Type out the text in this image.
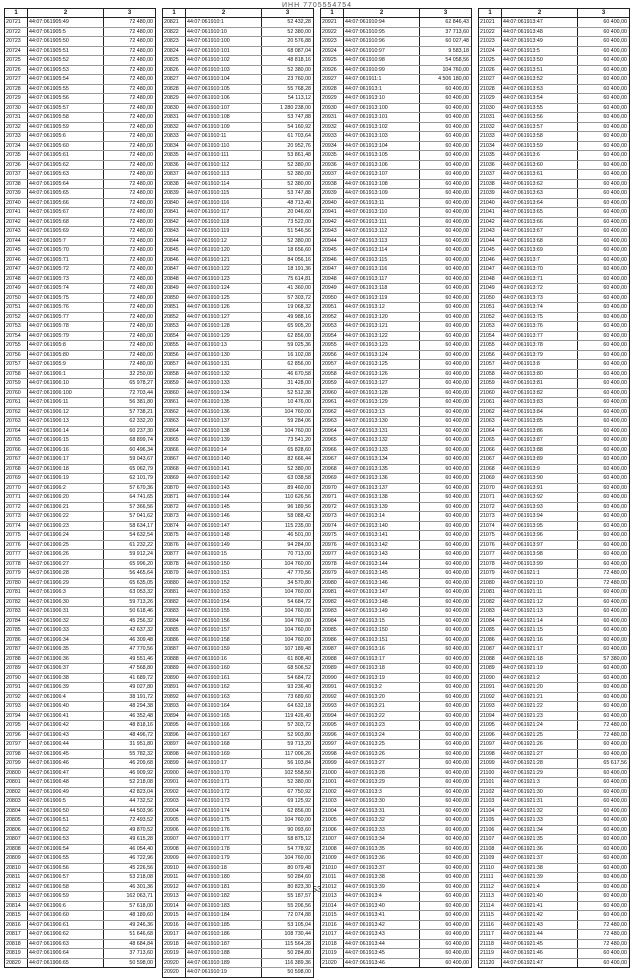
ИНН 7705554754
1	2	3
20721	44:07:061905:49	72 480,00
20722	44:07:061905:5	72 480,00
20723	44:07:061905:50	72 480,00
20724	44:07:061905:51	72 480,00
20725	44:07:061905:52	72 480,00
20726	44:07:061905:53	72 480,00
20727	44:07:061905:54	72 480,00
20728	44:07:061905:55	72 480,00
20729	44:07:061905:56	72 480,00
20730	44:07:061905:57	72 480,00
20731	44:07:061905:58	72 480,00
20732	44:07:061905:59	72 480,00
20733	44:07:061905:6	72 480,00
20734	44:07:061905:60	72 480,00
20735	44:07:061905:61	72 480,00
20736	44:07:061905:62	72 480,00
20737	44:07:061905:63	72 480,00
20738	44:07:061905:64	72 480,00
20739	44:07:061905:65	72 480,00
20740	44:07:061905:66	72 480,00
20741	44:07:061905:67	72 480,00
20742	44:07:061905:68	72 480,00
20743	44:07:061905:69	72 480,00
20744	44:07:061905:7	72 480,00
20745	44:07:061905:70	72 480,00
20746	44:07:061905:71	72 480,00
20747	44:07:061905:72	72 480,00
20748	44:07:061905:73	72 480,00
20749	44:07:061905:74	72 480,00
20750	44:07:061905:75	72 480,00
20751	44:07:061905:76	72 480,00
20752	44:07:061905:77	72 480,00
20753	44:07:061905:78	72 480,00
20754	44:07:061905:79	72 480,00
20755	44:07:061905:8	72 480,00
20756	44:07:061905:80	72 480,00
20757	44:07:061905:9	72 480,00
20758	44:07:061906:1	32 250,00
20759	44:07:061906:10	65 978,27
20760	44:07:061906:100	72 703,44
20761	44:07:061906:11	56 381,80
20762	44:07:061906:12	57 738,21
20763	44:07:061906:13	62 332,20
20764	44:07:061906:14	60 237,30
20765	44:07:061906:15	68 899,74
20766	44:07:061906:16	60 496,34
20767	44:07:061906:17	59 043,67
20768	44:07:061906:18	65 062,79
20769	44:07:061906:19	62 101,79
20770	44:07:061906:2	57 670,36
20771	44:07:061906:20	64 741,65
20772	44:07:061906:21	57 366,56
20773	44:07:061906:22	57 041,62
20774	44:07:061906:23	58 634,17
20775	44:07:061906:24	54 632,54
20776	44:07:061906:25	61 232,22
20777	44:07:061906:26	59 912,24
20778	44:07:061906:27	65 996,20
20779	44:07:061906:28	56 465,64
20780	44:07:061906:29	65 635,05
20781	44:07:061906:3	63 053,32
20782	44:07:061906:30	59 713,26
20783	44:07:061906:31	50 618,46
20784	44:07:061906:32	45 256,32
20785	44:07:061906:33	42 637,32
20786	44:07:061906:34	46 309,48
20787	44:07:061906:35	47 770,56
20788	44:07:061906:36	49 551,46
20789	44:07:061906:37	47 568,80
20790	44:07:061906:38	41 689,72
20791	44:07:061906:39	49 027,80
20792	44:07:061906:4	38 191,72
20793	44:07:061906:40	48 294,38
20794	44:07:061906:41	46 352,48
20795	44:07:061906:42	48 818,16
20796	44:07:061906:43	48 496,72
20797	44:07:061906:44	31 951,80
20798	44:07:061906:45	55 782,32
20799	44:07:061906:46	46 209,68
20800	44:07:061906:47	46 909,92
20801	44:07:061906:48	52 218,08
20802	44:07:061906:49	42 823,04
20803	44:07:061906:5	44 732,52
20804	44:07:061906:50	44 503,96
20805	44:07:061906:51	72 493,52
20806	44:07:061906:52	49 870,52
20807	44:07:061906:53	49 615,28
20808	44:07:061906:54	46 054,40
20809	44:07:061906:55	46 722,96
20810	44:07:061906:56	45 226,56
20811	44:07:061906:57	53 218,08
20812	44:07:061906:58	46 301,36
20813	44:07:061906:59	162 063,71
20814	44:07:061906:6	57 618,00
20815	44:07:061906:60	48 189,60
20816	44:07:061906:61	49 246,36
20817	44:07:061906:62	51 646,68
20818	44:07:061906:63	48 684,84
20819	44:07:061906:64	37 713,60
20820	44:07:061906:65	50 598,00
1	2	3
20821	44:07:061910:1	52 432,28
20822	44:07:061910:10	52 380,00
20823	44:07:061910:100	20 576,88
20824	44:07:061910:101	68 087,04
20825	44:07:061910:102	48 818,16
20826	44:07:061910:103	52 380,00
20827	44:07:061910:104	23 760,00
20828	44:07:061910:105	55 768,28
20829	44:07:061910:106	54 113,12
20830	44:07:061910:107	1 280 238,00
20831	44:07:061910:108	53 747,88
20832	44:07:061910:109	54 160,92
20833	44:07:061910:11	61 703,64
20834	44:07:061910:110	20 952,76
20835	44:07:061910:111	53 861,48
20836	44:07:061910:112	52 380,00
20837	44:07:061910:113	52 380,00
20838	44:07:061910:114	52 380,00
20839	44:07:061910:115	53 747,88
20840	44:07:061910:116	48 713,40
20841	44:07:061910:117	20 046,60
20842	44:07:061910:118	73 522,00
20843	44:07:061910:119	51 546,56
20844	44:07:061910:12	52 380,00
20845	44:07:061910:120	18 656,60
20846	44:07:061910:121	84 056,16
20847	44:07:061910:122	18 191,36
20848	44:07:061910:123	75 614,81
20849	44:07:061910:124	41 360,00
20850	44:07:061910:125	57 303,72
20851	44:07:061910:126	19 068,32
20852	44:07:061910:127	49 988,16
20853	44:07:061910:128	65 905,20
20854	44:07:061910:129	62 856,00
20855	44:07:061910:13	59 025,36
20856	44:07:061910:130	16 102,08
20857	44:07:061910:131	62 856,00
20858	44:07:061910:132	46 670,58
20859	44:07:061910:133	31 428,00
20860	44:07:061910:134	52 512,38
20861	44:07:061910:135	10 476,00
20862	44:07:061910:136	104 760,00
20863	44:07:061910:137	59 284,06
20864	44:07:061910:138	104 760,00
20865	44:07:061910:139	73 541,20
20866	44:07:061910:14	65 828,60
20867	44:07:061910:140	82 666,44
20868	44:07:061910:141	52 380,00
20869	44:07:061910:142	63 038,58
20870	44:07:061910:143	89 460,00
20871	44:07:061910:144	110 626,56
20872	44:07:061910:145	96 189,56
20873	44:07:061910:146	58 088,42
20874	44:07:061910:147	115 235,00
20875	44:07:061910:148	46 501,00
20876	44:07:061910:149	94 284,00
20877	44:07:061910:15	70 713,00
20878	44:07:061910:150	104 760,00
20879	44:07:061910:151	47 770,56
20880	44:07:061910:152	34 570,80
20881	44:07:061910:153	104 760,00
20882	44:07:061910:154	54 684,72
20883	44:07:061910:155	104 760,00
20884	44:07:061910:156	104 760,00
20885	44:07:061910:157	104 760,00
20886	44:07:061910:158	104 760,00
20887	44:07:061910:159	107 189,48
20888	44:07:061910:16	61 808,40
20889	44:07:061910:160	68 506,52
20890	44:07:061910:161	54 684,72
20891	44:07:061910:162	93 236,40
20892	44:07:061910:163	73 689,60
20893	44:07:061910:164	64 632,18
20894	44:07:061910:165	119 426,40
20895	44:07:061910:166	57 303,72
20896	44:07:061910:167	52 903,80
20897	44:07:061910:168	59 713,20
20898	44:07:061910:169	117 006,26
20899	44:07:061910:17	56 103,84
20900	44:07:061910:170	102 558,50
20901	44:07:061910:171	52 380,00
20902	44:07:061910:172	67 750,92
20903	44:07:061910:173	69 125,92
20904	44:07:061910:174	62 856,00
20905	44:07:061910:175	104 760,00
20906	44:07:061910:176	90 093,60
20907	44:07:061910:177	58 875,12
20908	44:07:061910:178	54 778,92
20909	44:07:061910:179	104 760,00
20910	44:07:061910:18	80 079,48
20911	44:07:061910:180	50 284,60
20912	44:07:061910:181	80 823,30
20913	44:07:061910:182	55 187,57
20914	44:07:061910:183	55 206,56
20915	44:07:061910:184	72 074,88
20916	44:07:061910:185	53 105,04
20917	44:07:061910:186	108 730,44
20918	44:07:061910:187	115 564,28
20919	44:07:061910:188	50 284,80
20920	44:07:061910:189	116 389,36
20920	44:07:061910:19	50 598,00
1	2	3
20921	44:07:061910:94	62 846,43
20922	44:07:061910:95	37 713,60
20923	44:07:061910:96	60 027,48
20924	44:07:061910:97	9 583,18
20925	44:07:061910:98	54 058,56
20926	44:07:061910:99	104 760,00
20927	44:07:061911:1	4 506 180,00
20928	44:07:061913:1	60 400,00
20929	44:07:061913:10	60 400,00
20930	44:07:061913:100	60 400,00
20931	44:07:061913:101	60 400,00
20932	44:07:061913:102	60 400,00
20933	44:07:061913:103	60 400,00
20934	44:07:061913:104	60 400,00
20935	44:07:061913:105	60 400,00
20936	44:07:061913:106	60 400,00
20937	44:07:061913:107	60 400,00
20938	44:07:061913:108	60 400,00
20939	44:07:061913:109	60 400,00
20940	44:07:061913:11	60 400,00
20941	44:07:061913:110	60 400,00
20942	44:07:061913:111	60 400,00
20943	44:07:061913:112	60 400,00
20944	44:07:061913:113	60 400,00
20945	44:07:061913:114	60 400,00
20946	44:07:061913:115	60 400,00
20947	44:07:061913:116	60 400,00
20948	44:07:061913:117	60 400,00
20949	44:07:061913:118	60 400,00
20950	44:07:061913:119	60 400,00
20951	44:07:061913:12	60 400,00
20952	44:07:061913:120	60 400,00
20953	44:07:061913:121	60 400,00
20954	44:07:061913:122	60 400,00
20955	44:07:061913:123	60 400,00
20956	44:07:061913:124	60 400,00
20957	44:07:061913:125	60 400,00
20958	44:07:061913:126	60 400,00
20959	44:07:061913:127	60 400,00
20960	44:07:061913:128	60 400,00
20961	44:07:061913:129	60 400,00
20962	44:07:061913:13	60 400,00
20963	44:07:061913:130	60 400,00
20964	44:07:061913:131	60 400,00
20965	44:07:061913:132	60 400,00
20966	44:07:061913:133	60 400,00
20967	44:07:061913:134	60 400,00
20968	44:07:061913:135	60 400,00
20969	44:07:061913:136	60 400,00
20970	44:07:061913:137	60 400,00
20971	44:07:061913:138	60 400,00
20972	44:07:061913:139	60 400,00
20973	44:07:061913:14	60 400,00
20974	44:07:061913:140	60 400,00
20975	44:07:061913:141	60 400,00
20976	44:07:061913:142	60 400,00
20977	44:07:061913:143	60 400,00
20978	44:07:061913:144	60 400,00
20979	44:07:061913:145	60 400,00
20980	44:07:061913:146	60 400,00
20981	44:07:061913:147	60 400,00
20982	44:07:061913:148	60 400,00
20983	44:07:061913:149	60 400,00
20984	44:07:061913:15	60 400,00
20985	44:07:061913:150	60 400,00
20986	44:07:061913:151	60 400,00
20987	44:07:061913:16	60 400,00
20988	44:07:061913:17	60 400,00
20989	44:07:061913:18	60 400,00
20990	44:07:061913:19	60 400,00
20991	44:07:061913:2	60 400,00
20992	44:07:061913:20	60 400,00
20993	44:07:061913:21	60 400,00
20994	44:07:061913:22	60 400,00
20995	44:07:061913:23	60 400,00
20996	44:07:061913:24	60 400,00
20997	44:07:061913:25	60 400,00
20998	44:07:061913:26	60 400,00
20999	44:07:061913:27	60 400,00
21000	44:07:061913:28	60 400,00
21001	44:07:061913:29	60 400,00
21002	44:07:061913:3	60 400,00
21003	44:07:061913:30	60 400,00
21004	44:07:061913:31	60 400,00
21005	44:07:061913:32	60 400,00
21006	44:07:061913:33	60 400,00
21007	44:07:061913:34	60 400,00
21008	44:07:061913:35	60 400,00
21009	44:07:061913:36	60 400,00
21010	44:07:061913:37	60 400,00
21011	44:07:061913:38	60 400,00
21012	44:07:061913:39	60 400,00
21013	44:07:061913:4	60 400,00
21014	44:07:061913:40	60 400,00
21015	44:07:061913:41	60 400,00
21016	44:07:061913:42	60 400,00
21017	44:07:061913:43	60 400,00
21018	44:07:061913:44	60 400,00
21019	44:07:061913:45	60 400,00
21020	44:07:061913:46	60 400,00
1	2	3
21021	44:07:061913:47	60 400,00
21022	44:07:061913:48	60 400,00
21023	44:07:061913:49	60 400,00
21024	44:07:061913:5	60 400,00
21025	44:07:061913:50	60 400,00
21026	44:07:061913:51	60 400,00
21027	44:07:061913:52	60 400,00
21028	44:07:061913:53	60 400,00
21029	44:07:061913:54	60 400,00
21030	44:07:061913:55	60 400,00
21031	44:07:061913:56	60 400,00
21032	44:07:061913:57	60 400,00
21033	44:07:061913:58	60 400,00
21034	44:07:061913:59	60 400,00
21035	44:07:061913:6	60 400,00
21036	44:07:061913:60	60 400,00
21037	44:07:061913:61	60 400,00
21038	44:07:061913:62	60 400,00
21039	44:07:061913:63	60 400,00
21040	44:07:061913:64	60 400,00
21041	44:07:061913:65	60 400,00
21042	44:07:061913:66	60 400,00
21043	44:07:061913:67	60 400,00
21044	44:07:061913:68	60 400,00
21045	44:07:061913:69	60 400,00
21046	44:07:061913:7	60 400,00
21047	44:07:061913:70	60 400,00
21048	44:07:061913:71	60 400,00
21049	44:07:061913:72	60 400,00
21050	44:07:061913:73	60 400,00
21051	44:07:061913:74	60 400,00
21052	44:07:061913:75	60 400,00
21053	44:07:061913:76	60 400,00
21054	44:07:061913:77	60 400,00
21055	44:07:061913:78	60 400,00
21056	44:07:061913:79	60 400,00
21057	44:07:061913:8	60 400,00
21058	44:07:061913:80	60 400,00
21059	44:07:061913:81	60 400,00
21060	44:07:061913:82	60 400,00
21061	44:07:061913:83	60 400,00
21062	44:07:061913:84	60 400,00
21063	44:07:061913:85	60 400,00
21064	44:07:061913:86	60 400,00
21065	44:07:061913:87	60 400,00
21066	44:07:061913:88	60 400,00
21067	44:07:061913:89	60 400,00
21068	44:07:061913:9	60 400,00
21069	44:07:061913:90	60 400,00
21070	44:07:061913:91	60 400,00
21071	44:07:061913:92	60 400,00
21072	44:07:061913:93	60 400,00
21073	44:07:061913:94	60 400,00
21074	44:07:061913:95	60 400,00
21075	44:07:061913:96	60 400,00
21076	44:07:061913:97	60 400,00
21077	44:07:061913:98	60 400,00
21078	44:07:061913:99	60 400,00
21079	44:07:061921:1	72 480,00
21080	44:07:061921:10	72 480,00
21081	44:07:061921:11	60 400,00
21082	44:07:061921:12	60 400,00
21083	44:07:061921:13	60 400,00
21084	44:07:061921:14	60 400,00
21085	44:07:061921:15	60 400,00
21086	44:07:061921:16	60 400,00
21087	44:07:061921:17	60 400,00
21088	44:07:061921:18	57 380,00
21089	44:07:061921:19	60 400,00
21090	44:07:061921:2	60 400,00
21091	44:07:061921:20	60 400,00
21092	44:07:061921:21	60 400,00
21093	44:07:061921:22	60 400,00
21094	44:07:061921:23	60 400,00
21095	44:07:061921:24	72 480,00
21096	44:07:061921:25	72 480,00
21097	44:07:061921:26	60 400,00
21098	44:07:061921:27	60 400,00
21099	44:07:061921:28	65 617,56
21100	44:07:061921:29	60 400,00
21101	44:07:061921:3	60 400,00
21102	44:07:061921:30	60 400,00
21103	44:07:061921:31	60 400,00
21104	44:07:061921:32	60 400,00
21105	44:07:061921:33	60 400,00
21106	44:07:061921:34	60 400,00
21107	44:07:061921:35	60 400,00
21108	44:07:061921:36	60 400,00
21109	44:07:061921:37	60 400,00
21110	44:07:061921:38	60 400,00
21111	44:07:061921:39	60 400,00
21112	44:07:061921:4	60 400,00
21113	44:07:061921:40	60 400,00
21114	44:07:061921:41	60 400,00
21115	44:07:061921:42	60 400,00
21116	44:07:061921:43	72 480,00
21117	44:07:061921:44	72 480,00
21118	44:07:061921:45	72 480,00
21119	44:07:061921:46	60 400,00
21120	44:07:061921:47	60 400,00
53
